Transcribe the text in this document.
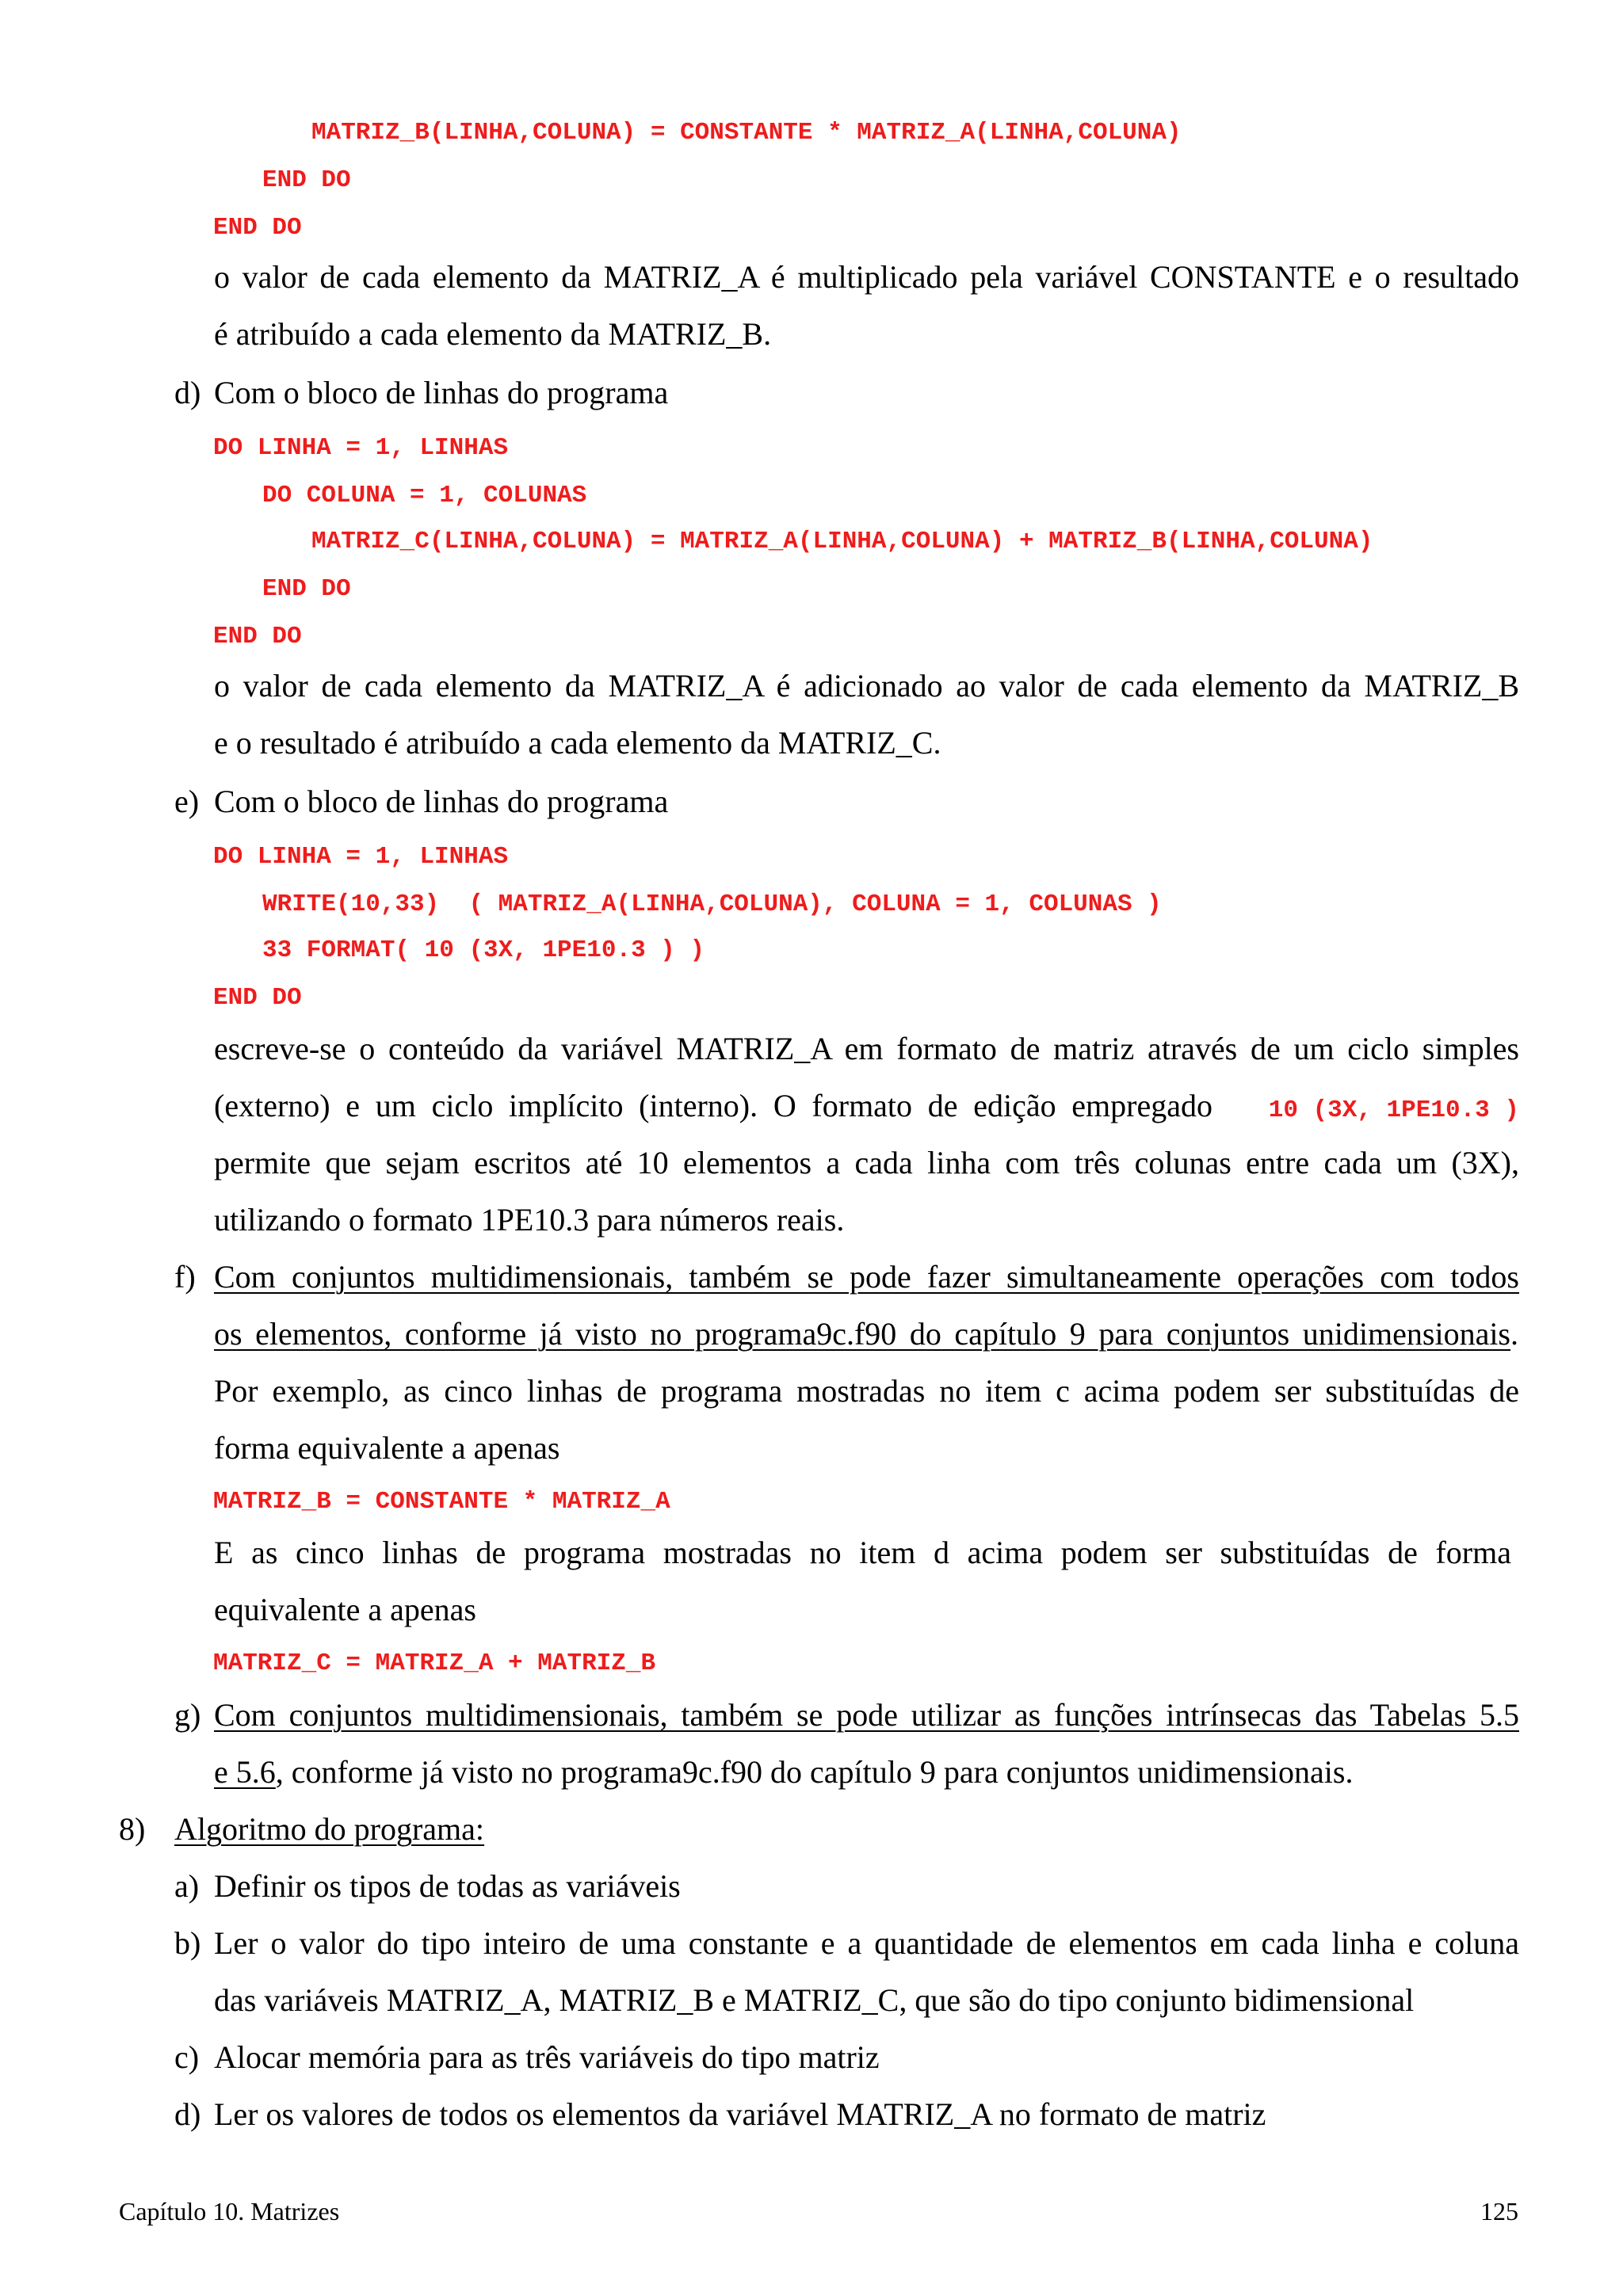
MATRIZ_B(LINHA,COLUNA) = CONSTANTE * MATRIZ_A(LINHA,COLUNA)
END DO
END DO
o valor de cada elemento da MATRIZ_A é multiplicado pela variável CONSTANTE e o resultado
é atribuído a cada elemento da MATRIZ_B.
d) Com o bloco de linhas do programa
DO LINHA = 1, LINHAS
DO COLUNA = 1, COLUNAS
MATRIZ_C(LINHA,COLUNA) = MATRIZ_A(LINHA,COLUNA) + MATRIZ_B(LINHA,COLUNA)
END DO
END DO
o valor de cada elemento da MATRIZ_A é adicionado ao valor de cada elemento da MATRIZ_B
e o resultado é atribuído a cada elemento da MATRIZ_C.
e) Com o bloco de linhas do programa
DO LINHA = 1, LINHAS
WRITE(10,33)  ( MATRIZ_A(LINHA,COLUNA), COLUNA = 1, COLUNAS )
33 FORMAT( 10 (3X, 1PE10.3 ) )
END DO
escreve-se o conteúdo da variável MATRIZ_A em formato de matriz através de um ciclo simples
(externo) e um ciclo implícito (interno). O formato de edição empregado 10 (3X, 1PE10.3 )
permite que sejam escritos até 10 elementos a cada linha com três colunas entre cada um (3X),
utilizando o formato 1PE10.3 para números reais.
f) Com conjuntos multidimensionais, também se pode fazer simultaneamente operações com todos
os elementos, conforme já visto no programa9c.f90 do capítulo 9 para conjuntos unidimensionais.
Por exemplo, as cinco linhas de programa mostradas no item c acima podem ser substituídas de
forma equivalente a apenas
MATRIZ_B = CONSTANTE * MATRIZ_A
E as cinco linhas de programa mostradas no item d acima podem ser substituídas de forma
equivalente a apenas
MATRIZ_C = MATRIZ_A + MATRIZ_B
g) Com conjuntos multidimensionais, também se pode utilizar as funções intrínsecas das Tabelas 5.5
e 5.6, conforme já visto no programa9c.f90 do capítulo 9 para conjuntos unidimensionais.
8) Algoritmo do programa:
a) Definir os tipos de todas as variáveis
b) Ler o valor do tipo inteiro de uma constante e a quantidade de elementos em cada linha e coluna
das variáveis MATRIZ_A, MATRIZ_B e MATRIZ_C, que são do tipo conjunto bidimensional
c) Alocar memória para as três variáveis do tipo matriz
d) Ler os valores de todos os elementos da variável MATRIZ_A no formato de matriz
Capítulo 10. Matrizes	125
